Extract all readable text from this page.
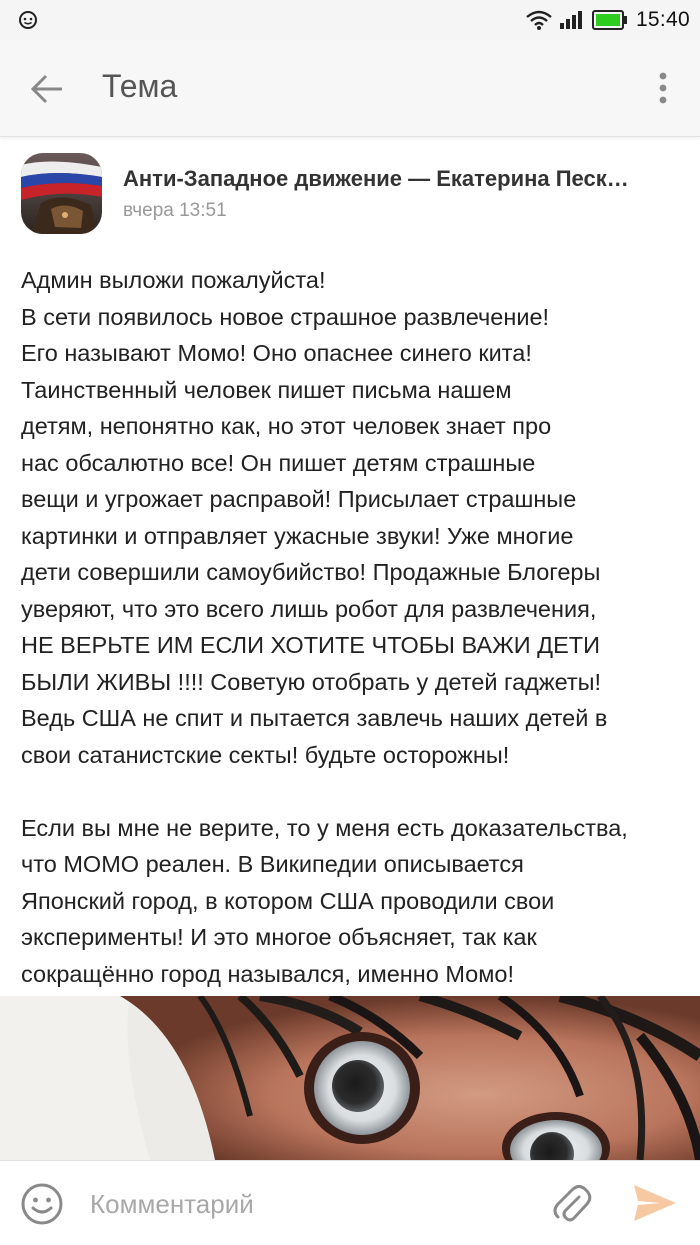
15:40
Тема
Анти-Западное движение — Екатерина Песк…
вчера 13:51

Админ выложи пожалуйста!

В сети появилось новое страшное развлечение!

Его называют Момо! Оно опаснее синего кита!

Таинственный человек пишет письма нашем

детям, непонятно как, но этот человек знает про

нас обсалютно все! Он пишет детям страшные

вещи и угрожает расправой! Присылает страшные

картинки и отправляет ужасные звуки! Уже многие

дети совершили самоубийство! Продажные Блогеры

уверяют, что это всего лишь робот для развлечения,

НЕ ВЕРЬТЕ ИМ ЕСЛИ ХОТИТЕ ЧТОБЫ ВАЖИ ДЕТИ

БЫЛИ ЖИВЫ !!!! Советую отобрать у детей гаджеты!

Ведь США не спит и пытается завлечь наших детей в

свои сатанистские секты! будьте осторожны!

Если вы мне не верите, то у меня есть доказательства,

что МОМО реален. В Википедии описывается

Японский город, в котором США проводили свои

эксперименты! И это многое объясняет, так как

сокращённо город назывался, именно Момо!

Комментарий
